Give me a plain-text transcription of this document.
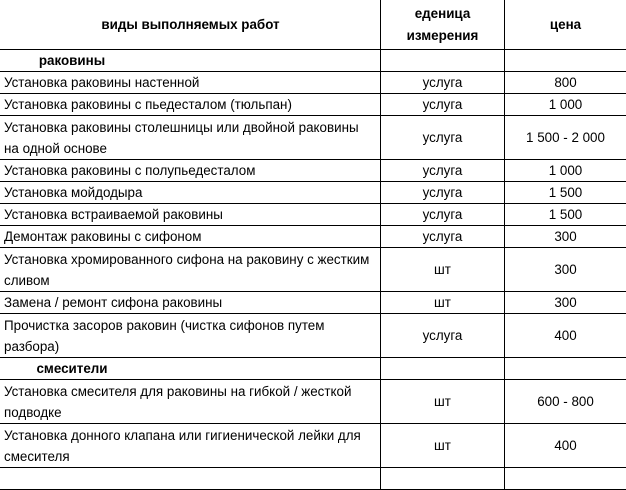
виды выполняемых работ	еденица измерения	цена
раковины		
Установка раковины настенной	услуга	800
Установка раковины с пьедесталом (тюльпан)	услуга	1 000
Установка раковины столешницы или двойной раковины на одной основе	услуга	1 500 - 2 000
Установка раковины с полупьедесталом	услуга	1 000
Установка мойдодыра	услуга	1 500
Установка встраиваемой раковины	услуга	1 500
Демонтаж раковины с сифоном	услуга	300
Установка хромированного сифона на раковину с жестким сливом	шт	300
Замена / ремонт сифона раковины	шт	300
Прочистка засоров раковин (чистка сифонов путем разбора)	услуга	400
смесители		
Установка смесителя для раковины на гибкой / жесткой подводке	шт	600 - 800
Установка донного клапана или гигиенической лейки для смесителя	шт	400
